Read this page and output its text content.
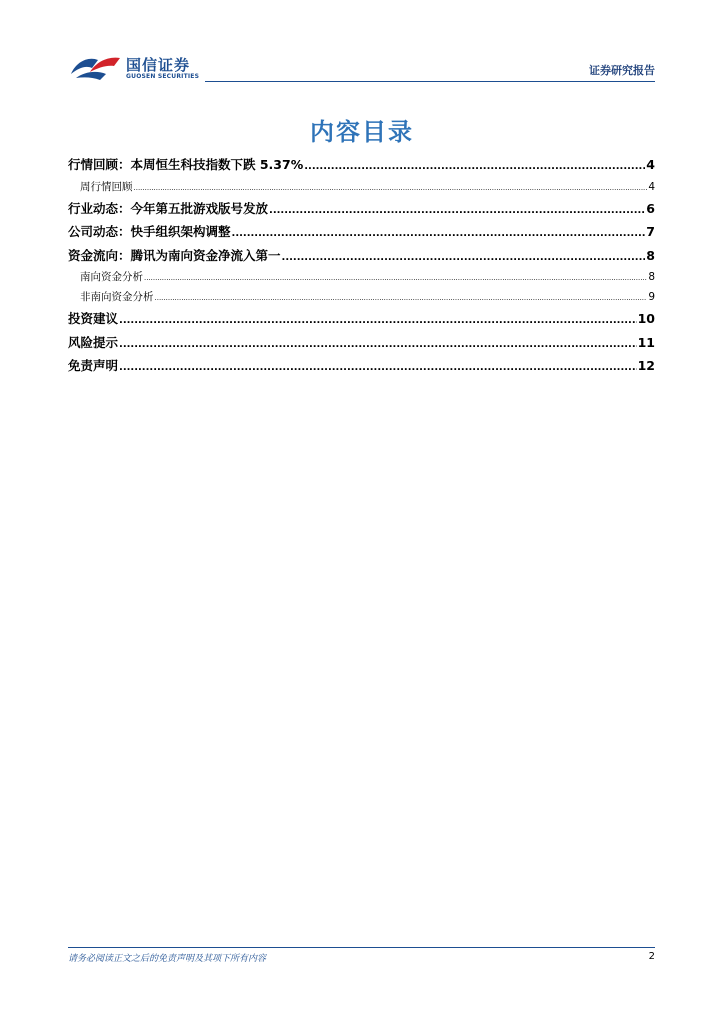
国信证券
GUOSEN SECURITIES	证券研究报告
内容目录
行情回顾：本周恒生科技指数下跌 5.37% .....	4
周行情回顾 .....	4
行业动态：今年第五批游戏版号发放 .....	6
公司动态：快手组织架构调整 .....	7
资金流向：腾讯为南向资金净流入第一 .....	8
南向资金分析 .....	8
非南向资金分析 .....	9
投资建议 .....	10
风险提示 .....	11
免责声明 .....	12
请务必阅读正文之后的免责声明及其项下所有内容	2
